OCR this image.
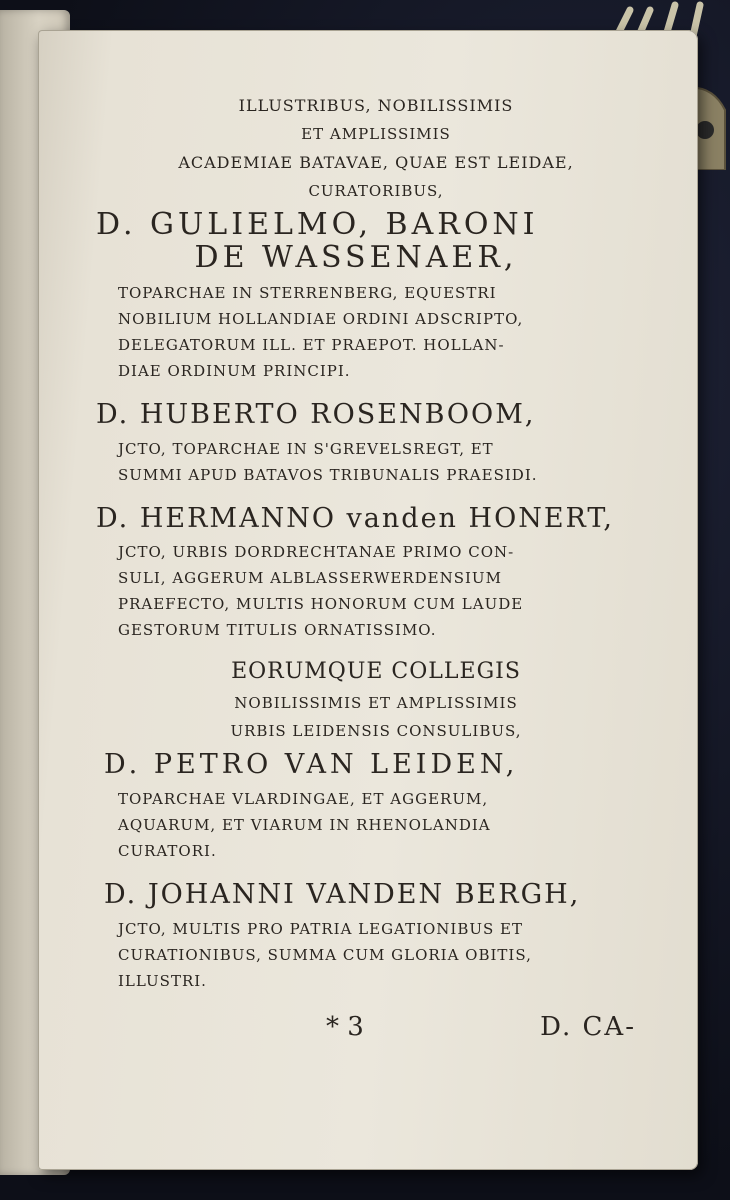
ILLUSTRIBUS, NOBILISSIMIS
ET AMPLISSIMIS
ACADEMIAE BATAVAE, QUAE EST LEIDAE,
CURATORIBUS,
D. GULIELMO, BARONI
DE WASSENAER,
TOPARCHAE IN STERRENBERG, EQUESTRI
NOBILIUM HOLLANDIAE ORDINI ADSCRIPTO,
DELEGATORUM ILL. ET PRAEPOT. HOLLAN-
DIAE ORDINUM PRINCIPI.
D. HUBERTO ROSENBOOM,
JCTO, TOPARCHAE IN S'GREVELSREGT, ET
SUMMI APUD BATAVOS TRIBUNALIS PRAESIDI.
D. HERMANNO vanden HONERT,
JCTO, URBIS DORDRECHTANAE PRIMO CON-
SULI, AGGERUM ALBLASSERWERDENSIUM
PRAEFECTO, MULTIS HONORUM CUM LAUDE
GESTORUM TITULIS ORNATISSIMO.
EORUMQUE COLLEGIS
NOBILISSIMIS ET AMPLISSIMIS
URBIS LEIDENSIS CONSULIBUS,
D. PETRO VAN LEIDEN,
TOPARCHAE VLARDINGAE, ET AGGERUM,
AQUARUM, ET VIARUM IN RHENOLANDIA
CURATORI.
D. JOHANNI VANDEN BERGH,
JCTO, MULTIS PRO PATRIA LEGATIONIBUS ET
CURATIONIBUS, SUMMA CUM GLORIA OBITIS,
ILLUSTRI.
* 3	D. CA-
